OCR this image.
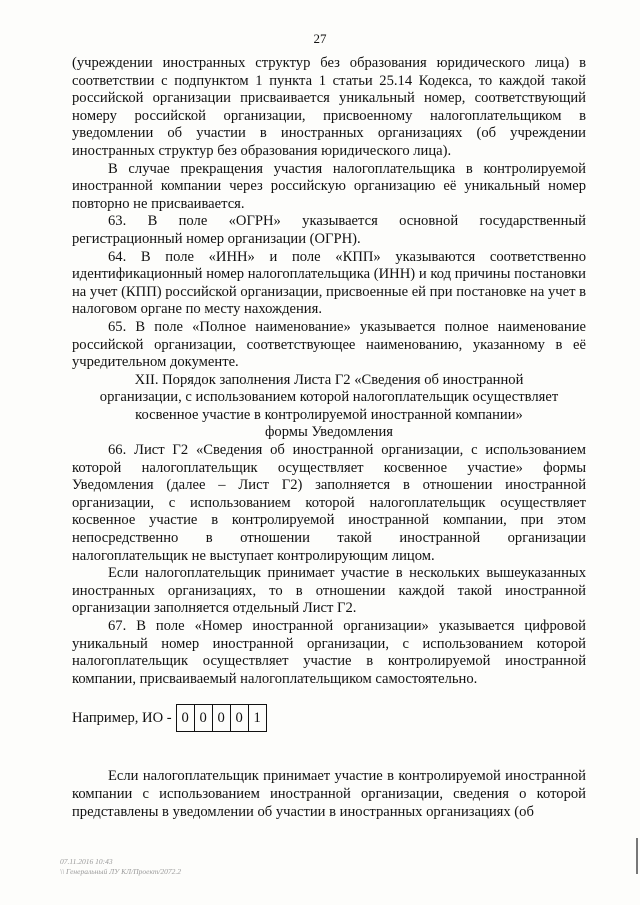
27

(учреждении иностранных структур без образования юридического лица) в соответствии с подпунктом 1 пункта 1 статьи 25.14 Кодекса, то каждой такой российской организации присваивается уникальный номер, соответствующий номеру российской организации, присвоенному налогоплательщиком в уведомлении об участии в иностранных организациях (об учреждении иностранных структур без образования юридического лица).

В случае прекращения участия налогоплательщика в контролируемой иностранной компании через российскую организацию её уникальный номер повторно не присваивается.

63. В поле «ОГРН» указывается основной государственный регистрационный номер организации (ОГРН).

64. В поле «ИНН» и поле «КПП» указываются соответственно идентификационный номер налогоплательщика (ИНН) и код причины постановки на учет (КПП) российской организации, присвоенные ей при постановке на учет в налоговом органе по месту нахождения.

65. В поле «Полное наименование» указывается полное наименование российской организации, соответствующее наименованию, указанному в её учредительном документе.

XII. Порядок заполнения Листа Г2 «Сведения об иностранной
организации, с использованием которой налогоплательщик осуществляет
косвенное участие в контролируемой иностранной компании»
формы Уведомления

66. Лист Г2 «Сведения об иностранной организации, с использованием которой налогоплательщик осуществляет косвенное участие» формы Уведомления (далее – Лист Г2) заполняется в отношении иностранной организации, с использованием которой налогоплательщик осуществляет косвенное участие в контролируемой иностранной компании, при этом непосредственно в отношении такой иностранной организации налогоплательщик не выступает контролирующим лицом.

Если налогоплательщик принимает участие в нескольких вышеуказанных иностранных организациях, то в отношении каждой такой иностранной организации заполняется отдельный Лист Г2.

67. В поле «Номер иностранной организации» указывается цифровой уникальный номер иностранной организации, с использованием которой налогоплательщик осуществляет участие в контролируемой иностранной компании, присваиваемый налогоплательщиком самостоятельно.

Например, ИО - 0 0 0 0 1

Если налогоплательщик принимает участие в контролируемой иностранной компании с использованием иностранной организации, сведения о которой представлены в уведомлении об участии в иностранных организациях (об

07.11.2016 10:43
\\ Генеральный ЛУ КЛ/Проект/2072.2
